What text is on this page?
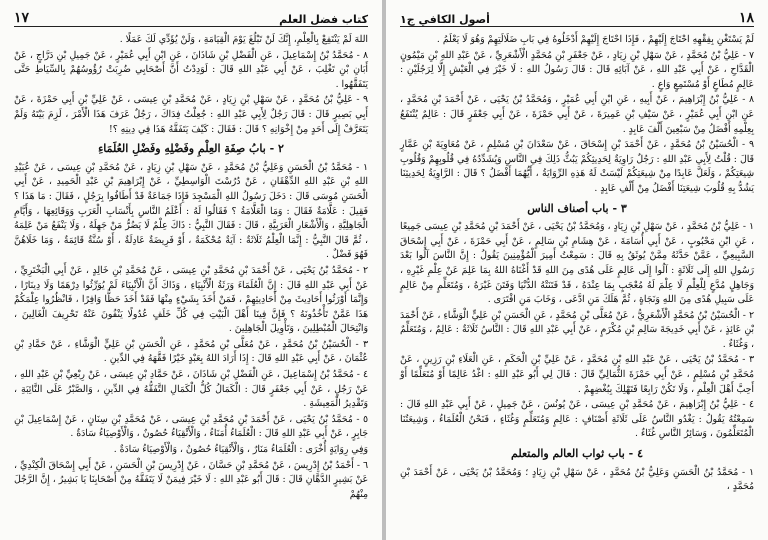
كتاب فضل العلم
١٧

اللهَ لَمْ يَنْتَفِعْ بِالْعِلْمِ، إِنَّكَ لَنْ تَبْلُغَ يَوْمَ الْقِيَامَةِ ، وَلَنْ يُؤَدِّي لَكَ عَمَلًا .

٨ - مُحَمَّدُ بْنُ إِسْمَاعِيلَ ، عَنِ الْفَضْلِ بْنِ شَاذَانَ ، عَنِ ابْنِ أَبِي عُمَيْرٍ ، عَنْ جَمِيلِ بْنِ دَرَّاجٍ ، عَنْ أَبَانِ بْنِ تَغْلِبَ ، عَنْ أَبِي عَبْدِ اللهِ قَالَ : لَوَدِدْتُ أَنَّ أَصْحَابِي ضُرِبَتْ رُؤُوسُهُمْ بِالسِّيَاطِ حَتَّى يَتَفَقَّهُوا .

٩ - عَلِيُّ بْنُ مُحَمَّدٍ ، عَنْ سَهْلِ بْنِ زِيَادٍ ، عَنْ مُحَمَّدِ بْنِ عِيسَى ، عَنْ عَلِيِّ بْنِ أَبِي حَمْزَةَ ، عَنْ أَبِي بَصِيرٍ قَالَ : قَالَ رَجُلٌ لِأَبِي عَبْدِ اللهِ : جُعِلْتُ فِدَاكَ ، رَجُلٌ عَرَفَ هَذَا الْأَمْرَ ، لَزِمَ بَيْتَهُ وَلَمْ يَتَعَرَّفْ إِلَى أَحَدٍ مِنْ إِخْوَانِهِ ؟ قَالَ : فَقَالَ : كَيْفَ يَتَفَقَّهُ هَذَا فِي دِينِهِ ؟!

٢ - بابُ صِفَةِ العِلْمِ وفَضْلِهِ وفَضْلِ العُلَمَاءِ

١ - مُحَمَّدُ بْنُ الْحَسَنِ وَعَلِيُّ بْنُ مُحَمَّدٍ ، عَنْ سَهْلِ بْنِ زِيَادٍ ، عَنْ مُحَمَّدِ بْنِ عِيسَى ، عَنْ عُبَيْدِ اللهِ بْنِ عَبْدِ اللهِ الدِّهْقَانِ ، عَنْ دُرُسْتَ الْوَاسِطِيِّ ، عَنْ إِبْرَاهِيمَ بْنِ عَبْدِ الْحَمِيدِ ، عَنْ أَبِي الْحَسَنِ مُوسَى قَالَ : دَخَلَ رَسُولُ اللهِ الْمَسْجِدَ فَإِذَا جَمَاعَةٌ قَدْ أَطَافُوا بِرَجُلٍ ، فَقَالَ : مَا هَذَا ؟ فَقِيلَ : عَلَّامَةٌ فَقَالَ : وَمَا الْعَلَّامَةُ ؟ فَقَالُوا لَهُ : أَعْلَمُ النَّاسِ بِأَنْسَابِ الْعَرَبِ وَوَقَائِعِهَا ، وَأَيَّامِ الْجَاهِلِيَّةِ ، وَالْأَشْعَارِ الْعَرَبِيَّةِ ، قَالَ : فَقَالَ النَّبِيُّ : ذَاكَ عِلْمٌ لَا يَضُرُّ مَنْ جَهِلَهُ ، وَلَا يَنْفَعُ مَنْ عَلِمَهُ ، ثُمَّ قَالَ النَّبِيُّ : إِنَّمَا الْعِلْمُ ثَلَاثَةٌ : آيَةٌ مُحْكَمَةٌ ، أَوْ فَرِيضَةٌ عَادِلَةٌ ، أَوْ سُنَّةٌ قَائِمَةٌ ، وَمَا خَلَاهُنَّ فَهُوَ فَضْلٌ .

٢ - مُحَمَّدُ بْنُ يَحْيَى ، عَنْ أَحْمَدَ بْنِ مُحَمَّدِ بْنِ عِيسَى ، عَنْ مُحَمَّدِ بْنِ خَالِدٍ ، عَنْ أَبِي الْبَخْتَرِيِّ ، عَنْ أَبِي عَبْدِ اللهِ قَالَ : إِنَّ الْعُلَمَاءَ وَرَثَةُ الْأَنْبِيَاءِ ، وَذَاكَ أَنَّ الْأَنْبِيَاءَ لَمْ يُوَرِّثُوا دِرْهَمًا وَلَا دِينَارًا ، وَإِنَّمَا أَوْرَثُوا أَحَادِيثَ مِنْ أَحَادِيثِهِمْ ، فَمَنْ أَخَذَ بِشَيْءٍ مِنْهَا فَقَدْ أَخَذَ حَظًّا وَافِرًا ، فَانْظُرُوا عِلْمَكُمْ هَذَا عَمَّنْ تَأْخُذُونَهُ ؟ فَإِنَّ فِينَا أَهْلَ الْبَيْتِ فِي كُلِّ خَلَفٍ عُدُولًا يَنْفُونَ عَنْهُ تَحْرِيفَ الْغَالِينَ ، وَانْتِحَالَ الْمُبْطِلِينَ ، وَتَأْوِيلَ الْجَاهِلِينَ .

٣ - الْحُسَيْنُ بْنُ مُحَمَّدٍ ، عَنْ مُعَلَّى بْنِ مُحَمَّدٍ ، عَنِ الْحَسَنِ بْنِ عَلِيٍّ الْوَشَّاءِ ، عَنْ حَمَّادِ بْنِ عُثْمَانَ ، عَنْ أَبِي عَبْدِ اللهِ قَالَ : إِذَا أَرَادَ اللهُ بِعَبْدٍ خَيْرًا فَقَّهَهُ فِي الدِّينِ .

٤ - مُحَمَّدُ بْنُ إِسْمَاعِيلَ ، عَنِ الْفَضْلِ بْنِ شَاذَانَ ، عَنْ حَمَّادِ بْنِ عِيسَى ، عَنْ رِبْعِيِّ بْنِ عَبْدِ اللهِ ، عَنْ رَجُلٍ ، عَنْ أَبِي جَعْفَرٍ قَالَ : الْكَمَالُ كُلُّ الْكَمَالِ التَّفَقُّهُ فِي الدِّينِ ، وَالصَّبْرُ عَلَى النَّائِبَةِ ، وَتَقْدِيرُ الْمَعِيشَةِ .

٥ - مُحَمَّدُ بْنُ يَحْيَى ، عَنْ أَحْمَدَ بْنِ مُحَمَّدِ بْنِ عِيسَى ، عَنْ مُحَمَّدِ بْنِ سِنَانٍ ، عَنْ إِسْمَاعِيلَ بْنِ جَابِرٍ ، عَنْ أَبِي عَبْدِ اللهِ قَالَ : الْعُلَمَاءُ أُمَنَاءُ ، وَالْأَتْقِيَاءُ حُصُونٌ ، وَالْأَوْصِيَاءُ سَادَةٌ .

وَفِي رِوَايَةٍ أُخْرَى : الْعُلَمَاءُ مَنَارٌ ، وَالْأَتْقِيَاءُ حُصُونٌ ، وَالْأَوْصِيَاءُ سَادَةٌ .

٦ - أَحْمَدُ بْنُ إِدْرِيسَ ، عَنْ مُحَمَّدِ بْنِ حَسَّانَ ، عَنْ إِدْرِيسَ بْنِ الْحَسَنِ ، عَنْ أَبِي إِسْحَاقَ الْكِنْدِيِّ ، عَنْ بَشِيرٍ الدَّهَّانِ قَالَ : قَالَ أَبُو عَبْدِ اللهِ : لَا خَيْرَ فِيمَنْ لَا يَتَفَقَّهُ مِنْ أَصْحَابِنَا يَا بَشِيرُ ، إِنَّ الرَّجُلَ مِنْهُمْ

١٨
أصول الكافي ج١

لَمْ يَسْتَغْنِ بِفِقْهِهِ احْتَاجَ إِلَيْهِمْ ، فَإِذَا احْتَاجَ إِلَيْهِمْ أَدْخَلُوهُ فِي بَابِ ضَلَالَتِهِمْ وَهُوَ لَا يَعْلَمُ .

٧ - عَلِيُّ بْنُ مُحَمَّدٍ ، عَنْ سَهْلِ بْنِ زِيَادٍ ، عَنْ جَعْفَرِ بْنِ مُحَمَّدٍ الْأَشْعَرِيِّ ، عَنْ عَبْدِ اللهِ بْنِ مَيْمُونٍ الْقَدَّاحِ ، عَنْ أَبِي عَبْدِ اللهِ ، عَنْ آبَائِهِ قَالَ : قَالَ رَسُولُ اللهِ : لَا خَيْرَ فِي الْعَيْشِ إِلَّا لِرَجُلَيْنِ : عَالِمٍ مُطَاعٍ أَوْ مُسْتَمِعٍ وَاعٍ .

٨ - عَلِيُّ بْنُ إِبْرَاهِيمَ ، عَنْ أَبِيهِ ، عَنِ ابْنِ أَبِي عُمَيْرٍ ، وَمُحَمَّدُ بْنُ يَحْيَى ، عَنْ أَحْمَدَ بْنِ مُحَمَّدٍ ، عَنِ ابْنِ أَبِي عُمَيْرٍ ، عَنْ سَيْفِ بْنِ عَمِيرَةَ ، عَنْ أَبِي حَمْزَةَ ، عَنْ أَبِي جَعْفَرٍ قَالَ : عَالِمٌ يُنْتَفَعُ بِعِلْمِهِ أَفْضَلُ مِنْ سَبْعِينَ أَلْفَ عَابِدٍ .

٩ - الْحُسَيْنُ بْنُ مُحَمَّدٍ ، عَنْ أَحْمَدَ بْنِ إِسْحَاقَ ، عَنْ سَعْدَانَ بْنِ مُسْلِمٍ ، عَنْ مُعَاوِيَةَ بْنِ عَمَّارٍ قَالَ : قُلْتُ لِأَبِي عَبْدِ اللهِ : رَجُلٌ رَاوِيَةٌ لِحَدِيثِكُمْ يَبُثُّ ذَلِكَ فِي النَّاسِ وَيُشَدِّدُهُ فِي قُلُوبِهِمْ وَقُلُوبِ شِيعَتِكُمْ ، وَلَعَلَّ عَابِدًا مِنْ شِيعَتِكُمْ لَيْسَتْ لَهُ هَذِهِ الرِّوَايَةُ ، أَيُّهُمَا أَفْضَلُ ؟ قَالَ : الرَّاوِيَةُ لِحَدِيثِنَا يَشُدُّ بِهِ قُلُوبَ شِيعَتِنَا أَفْضَلُ مِنْ أَلْفِ عَابِدٍ .

٣ - باب أصناف الناس

١ - عَلِيُّ بْنُ مُحَمَّدٍ ، عَنْ سَهْلِ بْنِ زِيَادٍ ، وَمُحَمَّدُ بْنُ يَحْيَى ، عَنْ أَحْمَدَ بْنِ مُحَمَّدِ بْنِ عِيسَى جَمِيعًا ، عَنِ ابْنِ مَحْبُوبٍ ، عَنْ أَبِي أُسَامَةَ ، عَنْ هِشَامِ بْنِ سَالِمٍ ، عَنْ أَبِي حَمْزَةَ ، عَنْ أَبِي إِسْحَاقَ السَّبِيعِيِّ ، عَمَّنْ حَدَّثَهُ مِمَّنْ يُوثَقُ بِهِ قَالَ : سَمِعْتُ أَمِيرَ الْمُؤْمِنِينَ يَقُولُ : إِنَّ النَّاسَ آلُوا بَعْدَ رَسُولِ اللهِ إِلَى ثَلَاثَةٍ : آلُوا إِلَى عَالِمٍ عَلَى هُدًى مِنَ اللهِ قَدْ أَغْنَاهُ اللهُ بِمَا عَلِمَ عَنْ عِلْمِ غَيْرِهِ ، وَجَاهِلٍ مُدَّعٍ لِلْعِلْمِ لَا عِلْمَ لَهُ مُعْجَبٍ بِمَا عِنْدَهُ ، قَدْ فَتَنَتْهُ الدُّنْيَا وَفَتَنَ غَيْرَهُ ، وَمُتَعَلِّمٍ مِنْ عَالِمٍ عَلَى سَبِيلِ هُدًى مِنَ اللهِ وَنَجَاةٍ ، ثُمَّ هَلَكَ مَنِ ادَّعَى ، وَخَابَ مَنِ افْتَرَى .

٢ - الْحُسَيْنُ بْنُ مُحَمَّدٍ الْأَشْعَرِيُّ ، عَنْ مُعَلَّى بْنِ مُحَمَّدٍ ، عَنِ الْحَسَنِ بْنِ عَلِيٍّ الْوَشَّاءِ ، عَنْ أَحْمَدَ بْنِ عَائِذٍ ، عَنْ أَبِي خَدِيجَةَ سَالِمِ بْنِ مُكْرَمٍ ، عَنْ أَبِي عَبْدِ اللهِ قَالَ : النَّاسُ ثَلَاثَةٌ : عَالِمٌ ، وَمُتَعَلِّمٌ ، وَغُثَاءٌ .

٣ - مُحَمَّدُ بْنُ يَحْيَى ، عَنْ عَبْدِ اللهِ بْنِ مُحَمَّدٍ ، عَنْ عَلِيِّ بْنِ الْحَكَمِ ، عَنِ الْعَلَاءِ بْنِ رَزِينٍ ، عَنْ مُحَمَّدِ بْنِ مُسْلِمٍ ، عَنْ أَبِي حَمْزَةَ الثُّمَالِيِّ قَالَ : قَالَ لِي أَبُو عَبْدِ اللهِ : اغْدُ عَالِمًا أَوْ مُتَعَلِّمًا أَوْ أَحِبَّ أَهْلَ الْعِلْمِ ، وَلَا تَكُنْ رَابِعًا فَتَهْلِكَ بِبُغْضِهِمْ .

٤ - عَلِيُّ بْنُ إِبْرَاهِيمَ ، عَنْ مُحَمَّدِ بْنِ عِيسَى ، عَنْ يُونُسَ ، عَنْ جَمِيلٍ ، عَنْ أَبِي عَبْدِ اللهِ قَالَ : سَمِعْتُهُ يَقُولُ : يَغْدُو النَّاسُ عَلَى ثَلَاثَةِ أَصْنَافٍ : عَالِمٍ وَمُتَعَلِّمٍ وَغُثَاءٍ ، فَنَحْنُ الْعُلَمَاءُ ، وَشِيعَتُنَا الْمُتَعَلِّمُونَ ، وَسَائِرُ النَّاسِ غُثَاءٌ .

٤ - باب ثواب العالم والمتعلم

١ - مُحَمَّدُ بْنُ الْحَسَنِ وَعَلِيُّ بْنُ مُحَمَّدٍ ، عَنْ سَهْلِ بْنِ زِيَادٍ ؛ وَمُحَمَّدُ بْنُ يَحْيَى ، عَنْ أَحْمَدَ بْنِ مُحَمَّدٍ ،
